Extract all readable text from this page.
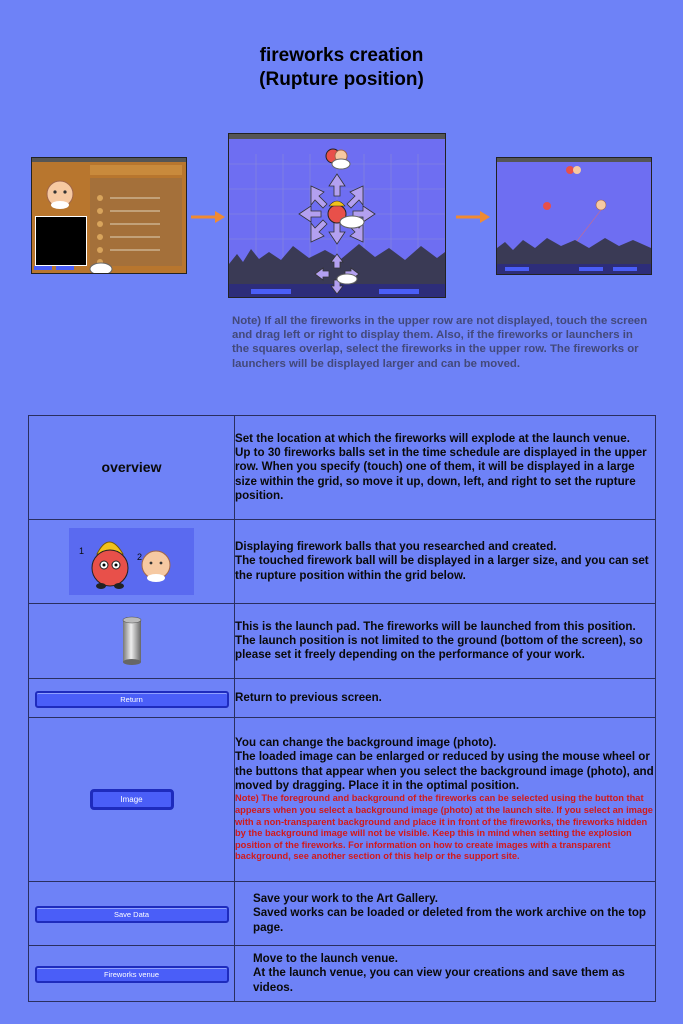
fireworks creation
(Rupture position)
Note) If all the fireworks in the upper row are not displayed, touch the screen and drag left or right to display them. Also, if the fireworks or launchers in the squares overlap, select the fireworks in the upper row. The fireworks or launchers will be displayed larger and can be moved.
overview	Set the location at which the fireworks will explode at the launch venue.
Up to 30 fireworks balls set in the time schedule are displayed in the upper row. When you specify (touch) one of them, it will be displayed in a large size within the grid, so move it up, down, left, and right to set the rupture position.

1
2	Displaying firework balls that you researched and created.
The touched firework ball will be displayed in a larger size, and you can set the rupture position within the grid below.
	This is the launch pad. The fireworks will be launched from this position. The launch position is not limited to the ground (bottom of the screen), so please set it freely depending on the performance of your work.
Return	Return to previous screen.
Image	You can change the background image (photo).
The loaded image can be enlarged or reduced by using the mouse wheel or the buttons that appear when you select the background image (photo), and moved by dragging. Place it in the optimal position.
Note) The foreground and background of the fireworks can be selected using the button that appears when you select a background image (photo) at the launch site. If you select an image with a non-transparent background and place it in front of the fireworks, the fireworks hidden by the background image will not be visible. Keep this in mind when setting the explosion position of the fireworks. For information on how to create images with a transparent background, see another section of this help or the support site.

Save Data	Save your work to the Art Gallery.
Saved works can be loaded or deleted from the work archive on the top page.
Fireworks venue	Move to the launch venue.
At the launch venue, you can view your creations and save them as videos.
